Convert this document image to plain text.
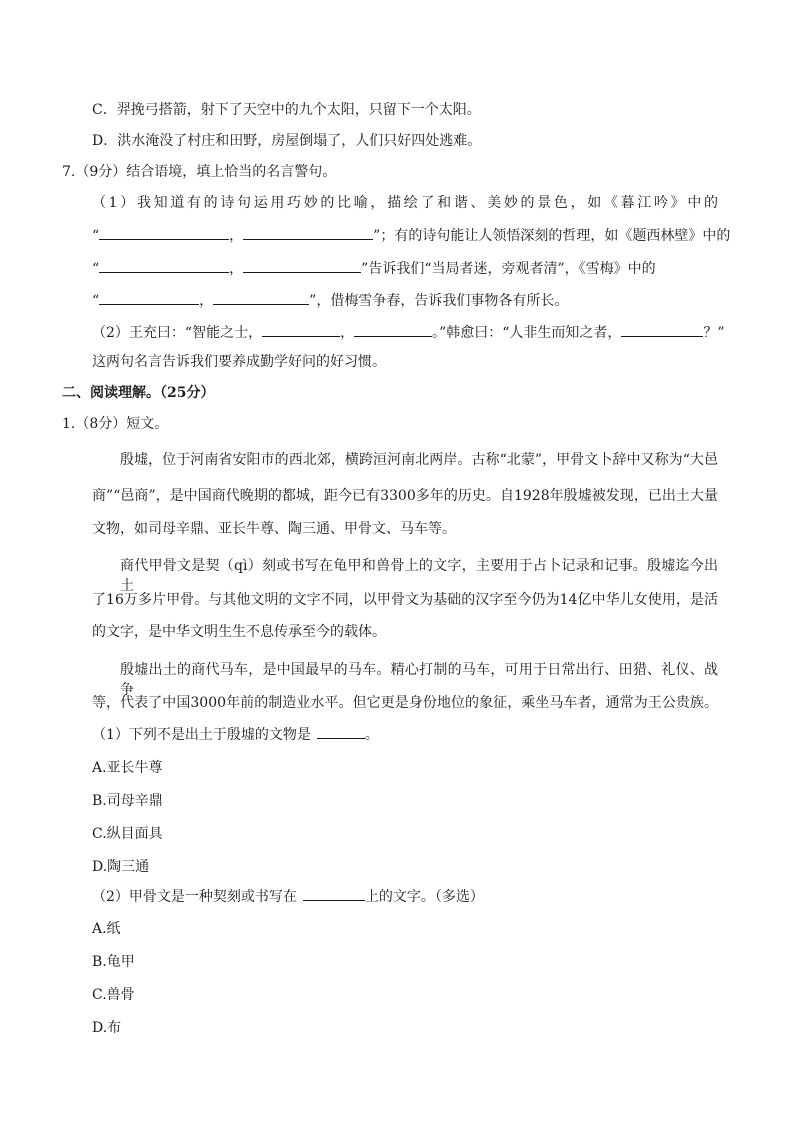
C．羿挽弓搭箭，射下了天空中的九个太阳，只留下一个太阳。
D．洪水淹没了村庄和田野，房屋倒塌了，人们只好四处逃难。
7.（9分）结合语境，填上恰当的名言警句。
（1）我知道有的诗句运用巧妙的比喻，描绘了和谐、美妙的景色，如《暮江吟》中的
“	，	”；有的诗句能让人领悟深刻的哲理，如《题西林壁》中的
“	，	”告诉我们“当局者迷，旁观者清”，《雪梅》中的
“	，	”，借梅雪争春，告诉我们事物各有所长。
（2）王充曰：“智能之士，	，	。”韩愈曰：“人非生而知之者，	？”
这两句名言告诉我们要养成勤学好问的好习惯。
二、阅读理解。（25分）
1.（8分）短文。
殷墟，位于河南省安阳市的西北郊，横跨洹河南北两岸。古称“北蒙”，甲骨文卜辞中又称为“大邑
商”“邑商”，是中国商代晚期的都城，距今已有3300多年的历史。自1928年殷墟被发现，已出土大量
文物，如司母辛鼎、亚长牛尊、陶三通、甲骨文、马车等。
商代甲骨文是契（qì）刻或书写在龟甲和兽骨上的文字，主要用于占卜记录和记事。殷墟迄今出土
了16万多片甲骨。与其他文明的文字不同，以甲骨文为基础的汉字至今仍为14亿中华儿女使用，是活
的文字，是中华文明生生不息传承至今的载体。
殷墟出土的商代马车，是中国最早的马车。精心打制的马车，可用于日常出行、田猎、礼仪、战争
等，代表了中国3000年前的制造业水平。但它更是身份地位的象征，乘坐马车者，通常为王公贵族。
（1）下列不是出土于殷墟的文物是	。
A.亚长牛尊
B.司母辛鼎
C.纵目面具
D.陶三通
（2）甲骨文是一种契刻或书写在	上的文字。（多选）
A.纸
B.龟甲
C.兽骨
D.布
